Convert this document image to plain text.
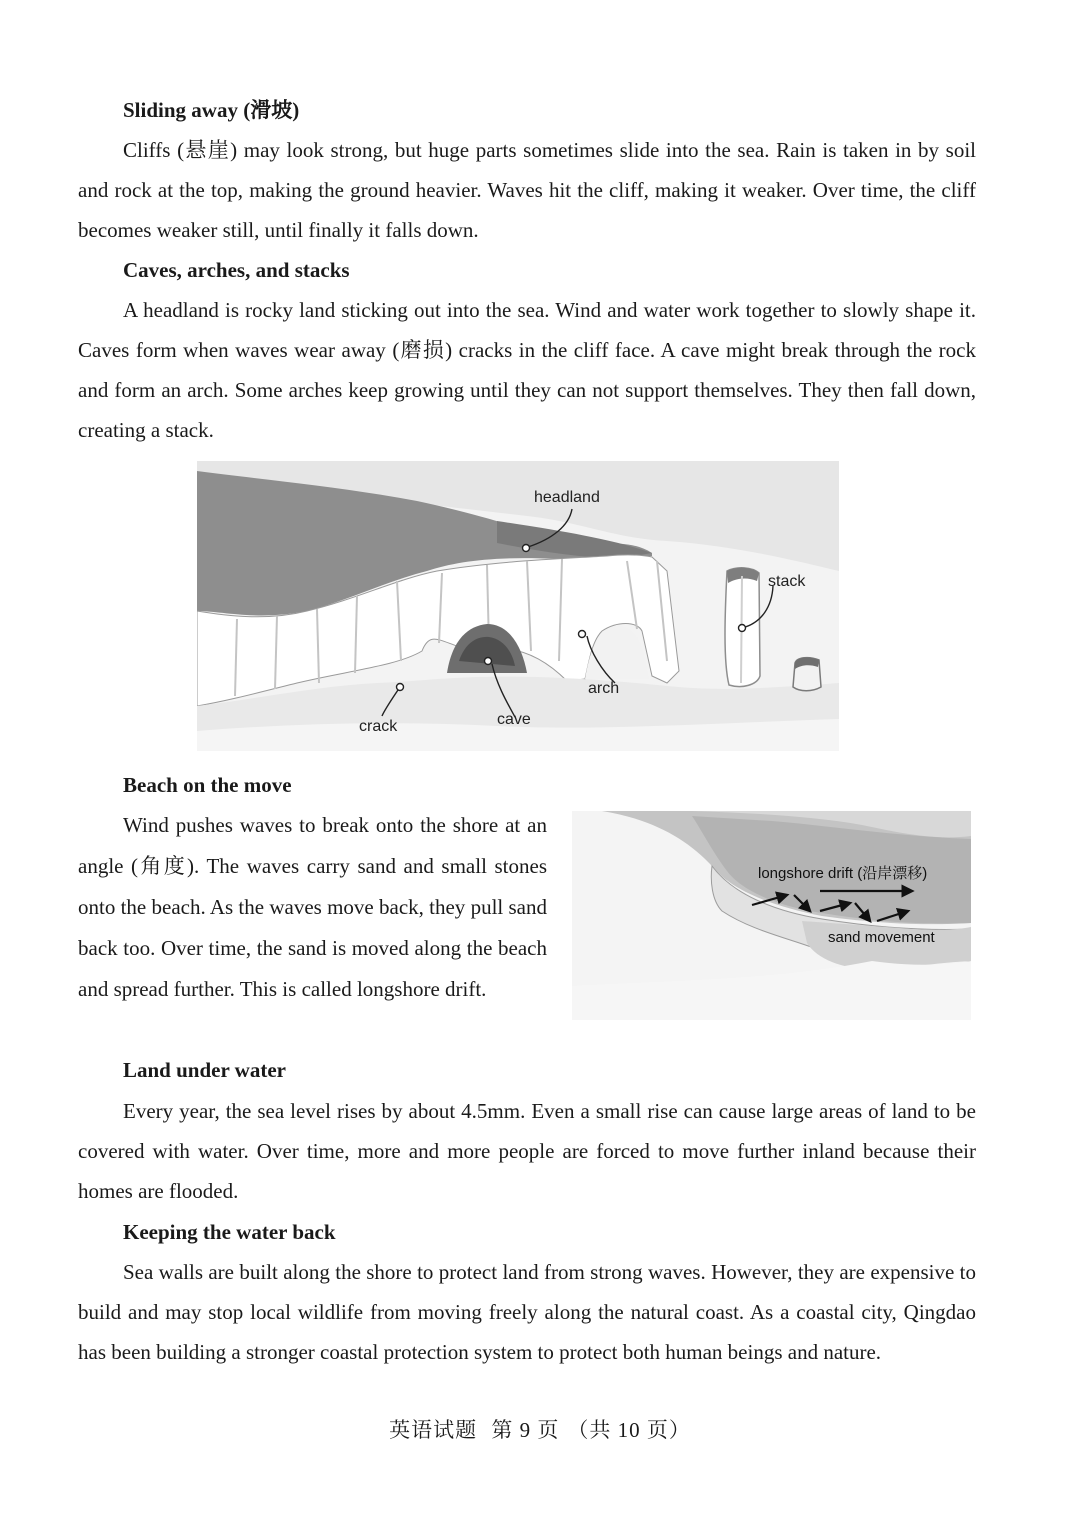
Sliding away (滑坡)
Cliffs (悬崖) may look strong, but huge parts sometimes slide into the sea. Rain is taken in by soil and rock at the top, making the ground heavier. Waves hit the cliff, making it weaker. Over time, the cliff becomes weaker still, until finally it falls down.
Caves, arches, and stacks
A headland is rocky land sticking out into the sea. Wind and water work together to slowly shape it. Caves form when waves wear away (磨损) cracks in the cliff face. A cave might break through the rock and form an arch. Some arches keep growing until they can not support themselves. They then fall down, creating a stack.
headland
stack
arch
cave
crack
Beach on the move
Wind pushes waves to break onto the shore at an angle (角度). The waves carry sand and small stones onto the beach. As the waves move back, they pull sand back too. Over time, the sand is moved along the beach and spread further. This is called longshore drift.
longshore drift (沿岸漂移)
sand movement
Land under water
Every year, the sea level rises by about 4.5mm. Even a small rise can cause large areas of land to be covered with water. Over time, more and more people are forced to move further inland because their homes are flooded.
Keeping the water back
Sea walls are built along the shore to protect land from strong waves. However, they are expensive to build and may stop local wildlife from moving freely along the natural coast. As a coastal city, Qingdao has been building a stronger coastal protection system to protect both human beings and nature.
英语试题 第 9 页 （共 10 页）
